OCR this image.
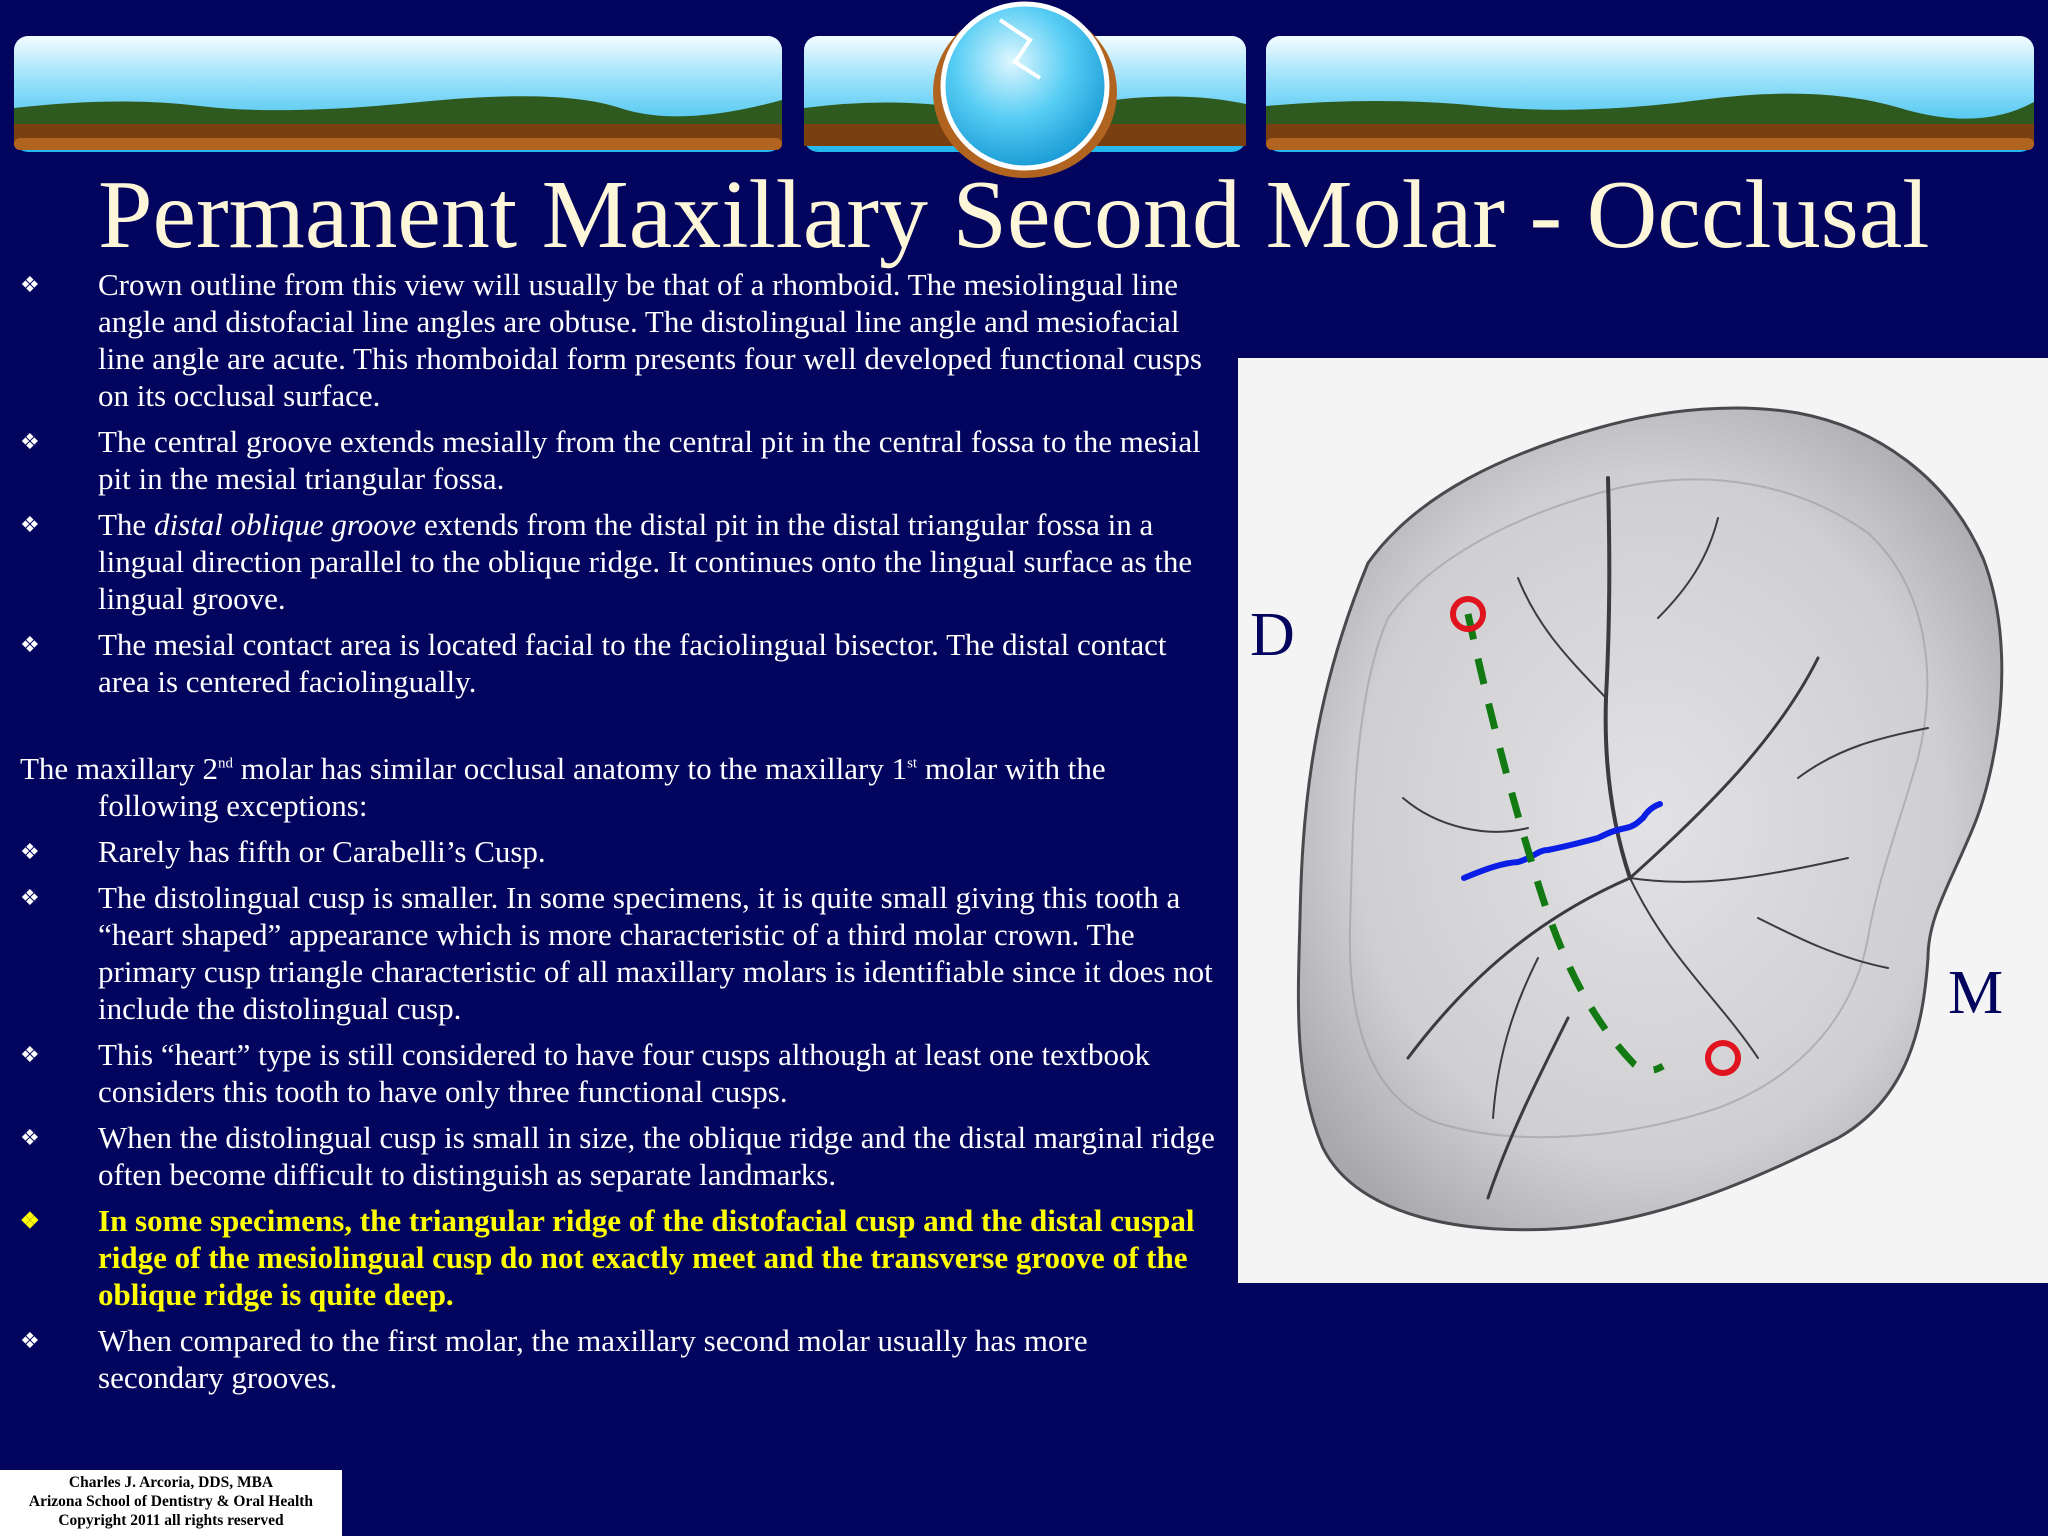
Permanent Maxillary Second Molar - Occlusal
❖ Crown outline from this view will usually be that of a rhomboid. The mesiolingual line angle and distofacial line angles are obtuse. The distolingual line angle and mesiofacial line angle are acute. This rhomboidal form presents four well developed functional cusps on its occlusal surface.
❖ The central groove extends mesially from the central pit in the central fossa to the mesial pit in the mesial triangular fossa.
❖ The distal oblique groove extends from the distal pit in the distal triangular fossa in a lingual direction parallel to the oblique ridge. It continues onto the lingual surface as the lingual groove.
❖ The mesial contact area is located facial to the faciolingual bisector. The distal contact area is centered faciolingually.
The maxillary 2nd molar has similar occlusal anatomy to the maxillary 1st molar with the following exceptions:
❖ Rarely has fifth or Carabelli’s Cusp.
❖ The distolingual cusp is smaller. In some specimens, it is quite small giving this tooth a “heart shaped” appearance which is more characteristic of a third molar crown. The primary cusp triangle characteristic of all maxillary molars is identifiable since it does not include the distolingual cusp.
❖ This “heart” type is still considered to have four cusps although at least one textbook considers this tooth to have only three functional cusps.
❖ When the distolingual cusp is small in size, the oblique ridge and the distal marginal ridge often become difficult to distinguish as separate landmarks.
❖ In some specimens, the triangular ridge of the distofacial cusp and the distal cuspal ridge of the mesiolingual cusp do not exactly meet and the transverse groove of the oblique ridge is quite deep.
❖ When compared to the first molar, the maxillary second molar usually has more secondary grooves.
D
M
Charles J. Arcoria, DDS, MBA
Arizona School of Dentistry & Oral Health
Copyright 2011 all rights reserved
